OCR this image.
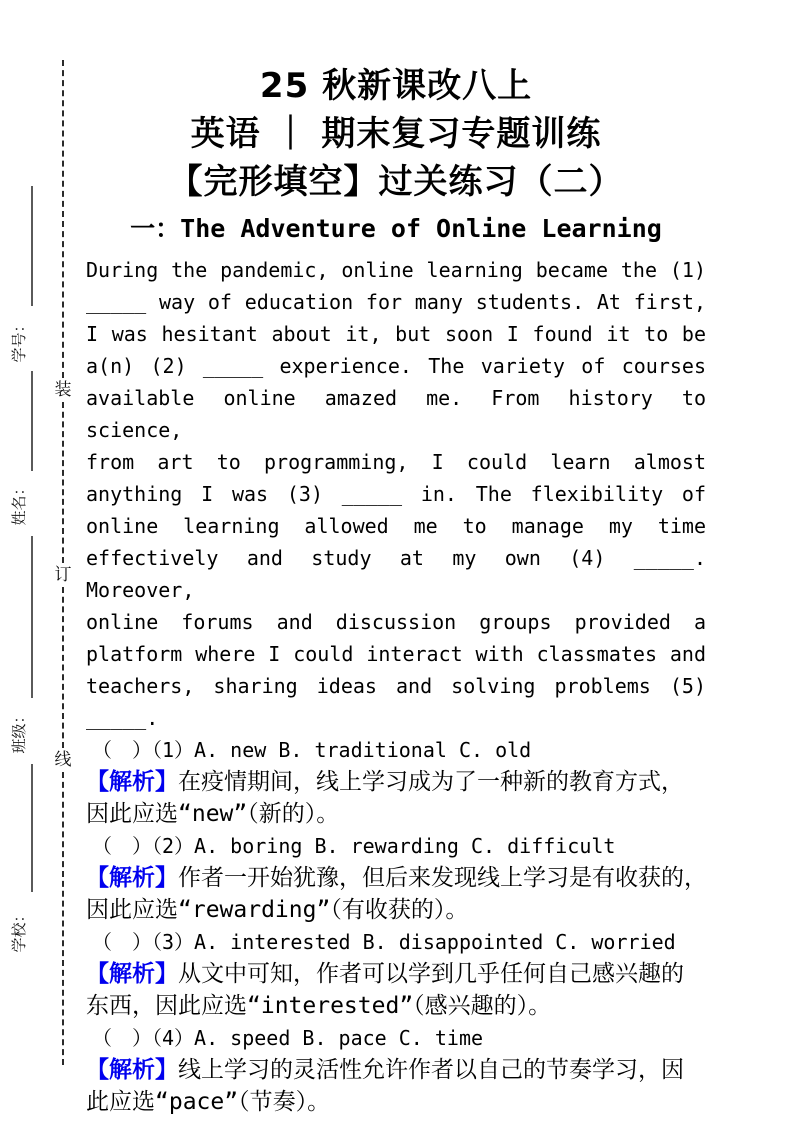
学号：
姓名：
班级：
学校：
装
订
线
25 秋新课改八上
英语 ｜ 期末复习专题训练
【完形填空】过关练习（二）
一：The Adventure of Online Learning
During the pandemic, online learning became the (1)
_____ way of education for many students. At first,
I was hesitant about it, but soon I found it to be
a(n) (2) _____ experience. The variety of courses
available online amazed me. From history to science,
from art to programming, I could learn almost
anything I was (3) _____ in. The flexibility of
online learning allowed me to manage my time
effectively and study at my own (4) _____. Moreover,
online forums and discussion groups provided a
platform where I could interact with classmates and
teachers, sharing ideas and solving problems (5)
_____.
（　）（1）A. new B. traditional C. old
【解析】在疫情期间，线上学习成为了一种新的教育方式，
因此应选“new”（新的）。
（　）（2）A. boring B. rewarding C. difficult
【解析】作者一开始犹豫，但后来发现线上学习是有收获的，
因此应选“rewarding”（有收获的）。
（　）（3）A. interested B. disappointed C. worried
【解析】从文中可知，作者可以学到几乎任何自己感兴趣的
东西，因此应选“interested”（感兴趣的）。
（　）（4）A. speed B. pace C. time
【解析】线上学习的灵活性允许作者以自己的节奏学习，因
此应选“pace”（节奏）。
